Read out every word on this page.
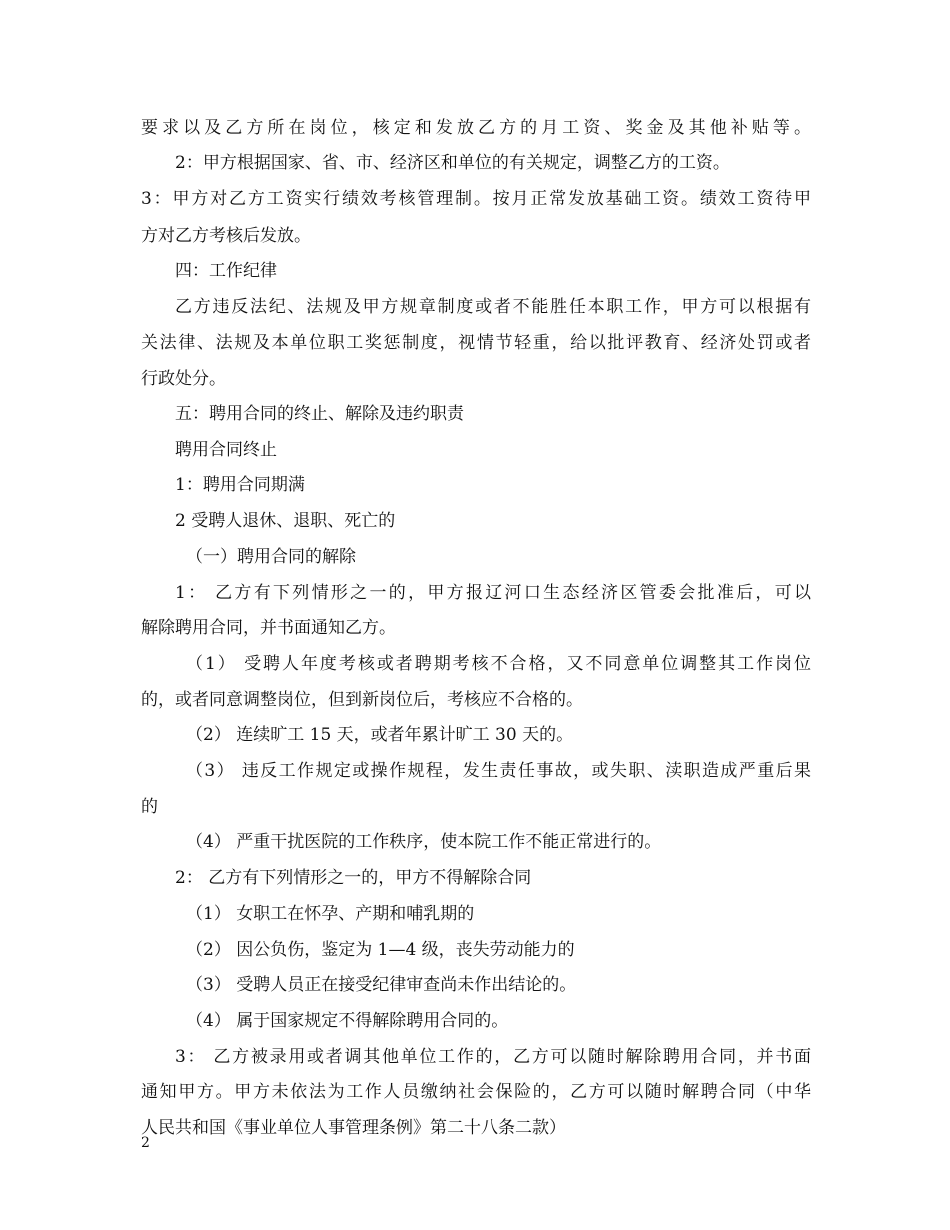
要求以及乙方所在岗位，核定和发放乙方的月工资、奖金及其他补贴等。
2：甲方根据国家、省、市、经济区和单位的有关规定，调整乙方的工资。
3：甲方对乙方工资实行绩效考核管理制。按月正常发放基础工资。绩效工资待甲
方对乙方考核后发放。
四：工作纪律
乙方违反法纪、法规及甲方规章制度或者不能胜任本职工作，甲方可以根据有
关法律、法规及本单位职工奖惩制度，视情节轻重，给以批评教育、经济处罚或者
行政处分。
五：聘用合同的终止、解除及违约职责
聘用合同终止
1：聘用合同期满
2 受聘人退休、退职、死亡的
（一）聘用合同的解除
1： 乙方有下列情形之一的，甲方报辽河口生态经济区管委会批准后，可以
解除聘用合同，并书面通知乙方。
（1） 受聘人年度考核或者聘期考核不合格，又不同意单位调整其工作岗位
的，或者同意调整岗位，但到新岗位后，考核应不合格的。
（2） 连续旷工 15 天，或者年累计旷工 30 天的。
（3） 违反工作规定或操作规程，发生责任事故，或失职、渎职造成严重后果
的
（4） 严重干扰医院的工作秩序，使本院工作不能正常进行的。
2： 乙方有下列情形之一的，甲方不得解除合同
（1） 女职工在怀孕、产期和哺乳期的
（2） 因公负伤，鉴定为 1—4 级，丧失劳动能力的
（3） 受聘人员正在接受纪律审查尚未作出结论的。
（4） 属于国家规定不得解除聘用合同的。
3： 乙方被录用或者调其他单位工作的，乙方可以随时解除聘用合同，并书面
通知甲方。甲方未依法为工作人员缴纳社会保险的，乙方可以随时解聘合同（中华
人民共和国《事业单位人事管理条例》第二十八条二款）
2
